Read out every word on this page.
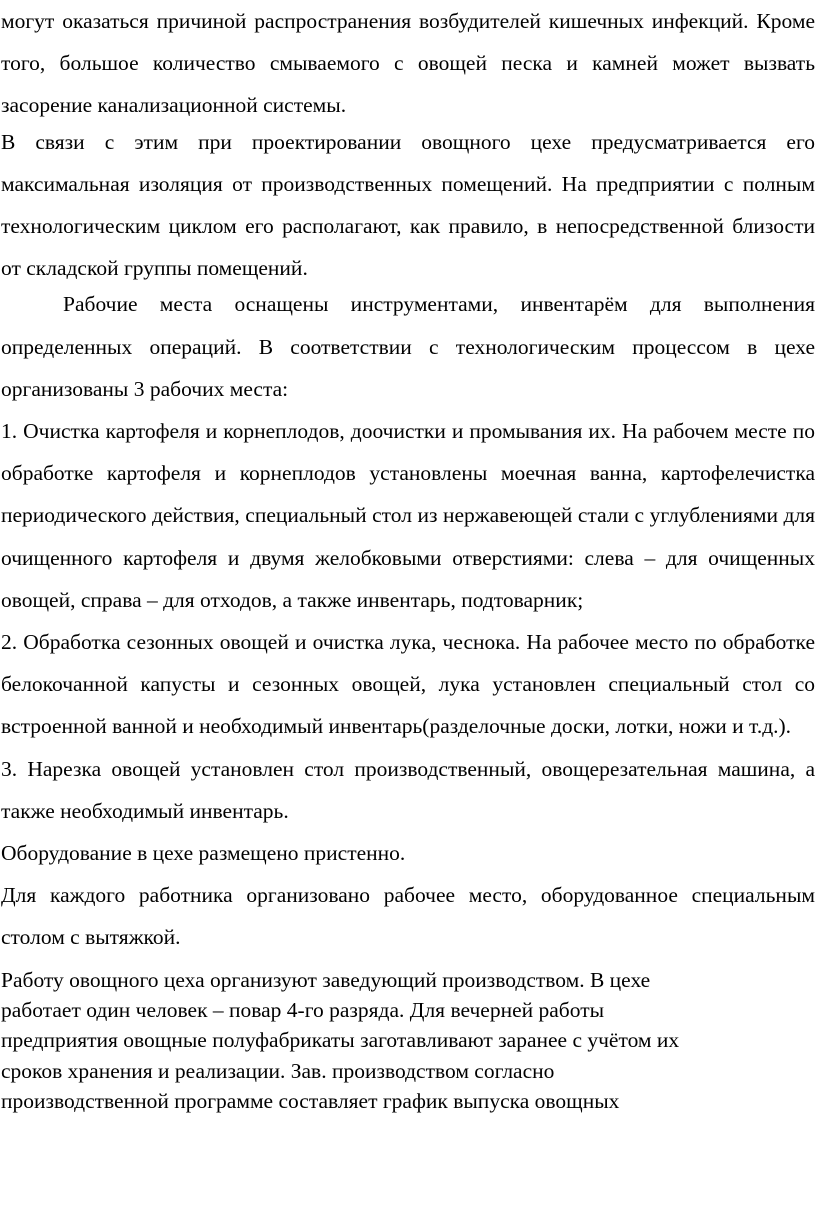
могут оказаться причиной распространения возбудителей кишечных инфекций. Кроме того, большое количество смываемого с овощей песка и камней может вызвать засорение канализационной системы.

В связи с этим при проектировании овощного цехе предусматривается его максимальная изоляция от производственных помещений. На предприятии с полным технологическим циклом его располагают, как правило, в непосредственной близости от складской группы помещений.

Рабочие места оснащены инструментами, инвентарём для выполнения определенных операций. В соответствии с технологическим процессом в цехе организованы 3 рабочих места:

1. Очистка картофеля и корнеплодов, доочистки и промывания их. На рабочем месте по обработке картофеля и корнеплодов установлены моечная ванна, картофелечистка периодического действия, специальный стол из нержавеющей стали с углублениями для очищенного картофеля и двумя желобковыми отверстиями: слева – для очищенных овощей, справа – для отходов, а также инвентарь, подтоварник;

2. Обработка сезонных овощей и очистка лука, чеснока. На рабочее место по обработке белокочанной капусты и сезонных овощей, лука установлен специальный стол со встроенной ванной и необходимый инвентарь(разделочные доски, лотки, ножи и т.д.).

3. Нарезка овощей установлен стол производственный, овощерезательная машина, а также необходимый инвентарь.

Оборудование в цехе размещено пристенно.

Для каждого работника организовано рабочее место, оборудованное специальным столом с вытяжкой.

Работу овощного цеха организуют заведующий производством. В цехе
работает один человек – повар 4-го разряда. Для вечерней работы
предприятия овощные полуфабрикаты заготавливают заранее с учётом их
сроков хранения и реализации. Зав. производством согласно
производственной программе составляет график выпуска овощных
